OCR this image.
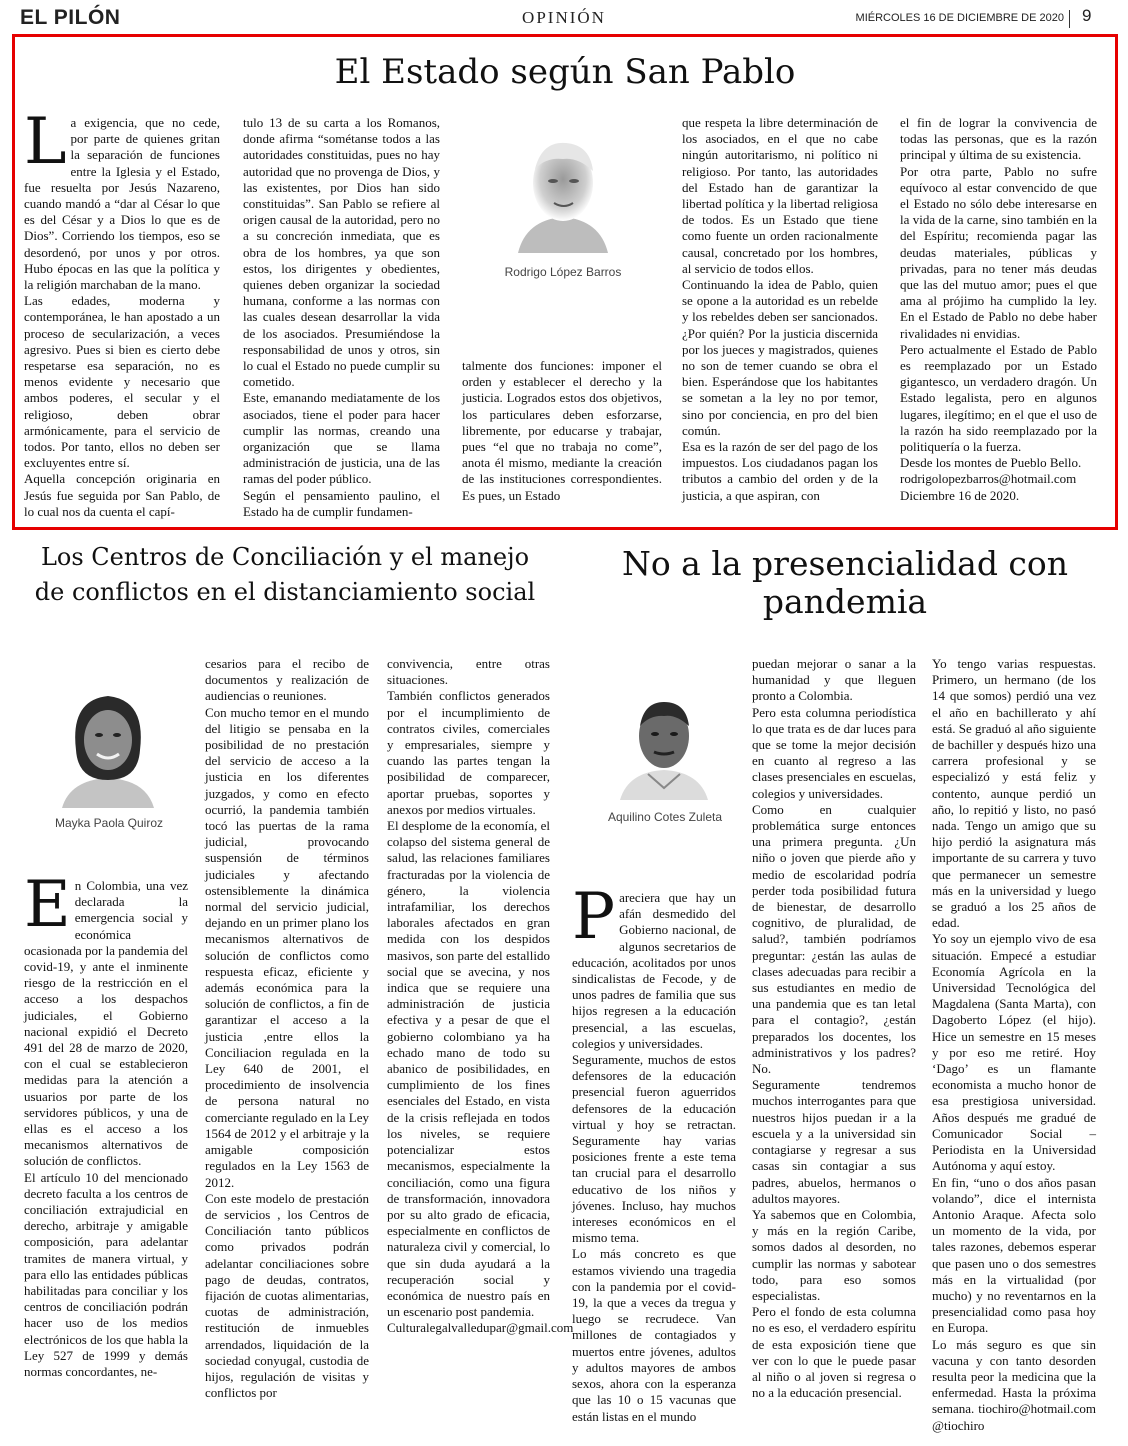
EL PILÓN	OPINIÓN	MIÉRCOLES 16 DE DICIEMBRE DE 2020 9
El Estado según San Pablo
L a exigencia, que no cede, por parte de quienes gritan la separación de funciones entre la Iglesia y el Estado, fue resuelta por Jesús Nazareno, cuando mandó a “dar al César lo que es del César y a Dios lo que es de Dios”. Corriendo los tiempos, eso se desordenó, por unos y por otros. Hubo épocas en las que la política y la religión marchaban de la mano.

Las edades, moderna y contemporánea, le han apostado a un proceso de secularización, a veces agresivo. Pues si bien es cierto debe respetarse esa separación, no es menos evidente y necesario que ambos poderes, el secular y el religioso, deben obrar armónicamente, para el servicio de todos. Por tanto, ellos no deben ser excluyentes entre sí.

Aquella concepción originaria en Jesús fue seguida por San Pablo, de lo cual nos da cuenta el capí-

tulo 13 de su carta a los Romanos, donde afirma “sométanse todos a las autoridades constituidas, pues no hay autoridad que no provenga de Dios, y las existentes, por Dios han sido constituidas”. San Pablo se refiere al origen causal de la autoridad, pero no a su concreción inmediata, que es obra de los hombres, ya que son estos, los dirigentes y obedientes, quienes deben organizar la sociedad humana, conforme a las normas con las cuales desean desarrollar la vida de los asociados. Presumiéndose la responsabilidad de unos y otros, sin lo cual el Estado no puede cumplir su cometido.

Este, emanando mediatamente de los asociados, tiene el poder para hacer cumplir las normas, creando una organización que se llama administración de justicia, una de las ramas del poder público.

Según el pensamiento paulino, el Estado ha de cumplir fundamen-

Rodrigo López Barros

talmente dos funciones: imponer el orden y establecer el derecho y la justicia. Logrados estos dos objetivos, los particulares deben esforzarse, libremente, por educarse y trabajar, pues “el que no trabaja no come”, anota él mismo, mediante la creación de las instituciones correspondientes. Es pues, un Estado

que respeta la libre determinación de los asociados, en el que no cabe ningún autoritarismo, ni político ni religioso. Por tanto, las autoridades del Estado han de garantizar la libertad política y la libertad religiosa de todos. Es un Estado que tiene como fuente un orden racionalmente causal, concretado por los hombres, al servicio de todos ellos.

Continuando la idea de Pablo, quien se opone a la autoridad es un rebelde y los rebeldes deben ser sancionados. ¿Por quién? Por la justicia discernida por los jueces y magistrados, quienes no son de temer cuando se obra el bien. Esperándose que los habitantes se sometan a la ley no por temor, sino por conciencia, en pro del bien común.

Esa es la razón de ser del pago de los impuestos. Los ciudadanos pagan los tributos a cambio del orden y de la justicia, a que aspiran, con

el fin de lograr la convivencia de todas las personas, que es la razón principal y última de su existencia.

Por otra parte, Pablo no sufre equívoco al estar convencido de que el Estado no sólo debe interesarse en la vida de la carne, sino también en la del Espíritu; recomienda pagar las deudas materiales, públicas y privadas, para no tener más deudas que las del mutuo amor; pues el que ama al prójimo ha cumplido la ley. En el Estado de Pablo no debe haber rivalidades ni envidias.

Pero actualmente el Estado de Pablo es reemplazado por un Estado gigantesco, un verdadero dragón. Un Estado legalista, pero en algunos lugares, ilegítimo; en el que el uso de la razón ha sido reemplazado por la politiquería o la fuerza.

Desde los montes de Pueblo Bello.

rodrigolopezbarros@hotmail.com

Diciembre 16 de 2020.

Los Centros de Conciliación y el manejo
de conflictos en el distanciamiento social
Mayka Paola Quiroz
E n Colombia, una vez declarada la emergencia social y económica ocasionada por la pandemia del covid-19, y ante el inminente riesgo de la restricción en el acceso a los despachos judiciales, el Gobierno nacional expidió el Decreto 491 del 28 de marzo de 2020, con el cual se establecieron medidas para la atención a usuarios por parte de los servidores públicos, y una de ellas es el acceso a los mecanismos alternativos de solución de conflictos.

El artículo 10 del mencionado decreto faculta a los centros de conciliación extrajudicial en derecho, arbitraje y amigable composición, para adelantar tramites de manera virtual, y para ello las entidades públicas habilitadas para conciliar y los centros de conciliación podrán hacer uso de los medios electrónicos de los que habla la Ley 527 de 1999 y demás normas concordantes, ne-

cesarios para el recibo de documentos y realización de audiencias o reuniones.

Con mucho temor en el mundo del litigio se pensaba en la posibilidad de no prestación del servicio de acceso a la justicia en los diferentes juzgados, y como en efecto ocurrió, la pandemia también tocó las puertas de la rama judicial, provocando suspensión de términos judiciales y afectando ostensiblemente la dinámica normal del servicio judicial, dejando en un primer plano los mecanismos alternativos de solución de conflictos como respuesta eficaz, eficiente y además económica para la solución de conflictos, a fin de garantizar el acceso a la justicia ,entre ellos la Conciliacion regulada en la Ley 640 de 2001, el procedimiento de insolvencia de persona natural no comerciante regulado en la Ley 1564 de 2012 y el arbitraje y la amigable composición regulados en la Ley 1563 de 2012.

Con este modelo de prestación de servicios , los Centros de Conciliación tanto públicos como privados podrán adelantar conciliaciones sobre pago de deudas, contratos, fijación de cuotas alimentarias, cuotas de administración, restitución de inmuebles arrendados, liquidación de la sociedad conyugal, custodia de hijos, regulación de visitas y conflictos por

convivencia, entre otras situaciones.

También conflictos generados por el incumplimiento de contratos civiles, comerciales y empresariales, siempre y cuando las partes tengan la posibilidad de comparecer, aportar pruebas, soportes y anexos por medios virtuales.

El desplome de la economía, el colapso del sistema general de salud, las relaciones familiares fracturadas por la violencia de género, la violencia intrafamiliar, los derechos laborales afectados en gran medida con los despidos masivos, son parte del estallido social que se avecina, y nos indica que se requiere una administración de justicia efectiva y a pesar de que el gobierno colombiano ya ha echado mano de todo su abanico de posibilidades, en cumplimiento de los fines esenciales del Estado, en vista de la crisis reflejada en todos los niveles, se requiere potencializar estos mecanismos, especialmente la conciliación, como una figura de transformación, innovadora por su alto grado de eficacia, especialmente en conflictos de naturaleza civil y comercial, lo que sin duda ayudará a la recuperación social y económica de nuestro país en un escenario post pandemia.

Culturalegalvalledupar@gmail.com

No a la presencialidad con
pandemia
Aquilino Cotes Zuleta
P areciera que hay un afán desmedido del Gobierno nacional, de algunos secretarios de educación, acolitados por unos sindicalistas de Fecode, y de unos padres de familia que sus hijos regresen a la educación presencial, a las escuelas, colegios y universidades.

Seguramente, muchos de estos defensores de la educación presencial fueron aguerridos defensores de la educación virtual y hoy se retractan. Seguramente hay varias posiciones frente a este tema tan crucial para el desarrollo educativo de los niños y jóvenes. Incluso, hay muchos intereses económicos en el mismo tema.

Lo más concreto es que estamos viviendo una tragedia con la pandemia por el covid-19, la que a veces da tregua y luego se recrudece. Van millones de contagiados y muertos entre jóvenes, adultos y adultos mayores de ambos sexos, ahora con la esperanza que las 10 o 15 vacunas que están listas en el mundo

puedan mejorar o sanar a la humanidad y que lleguen pronto a Colombia.

Pero esta columna periodística lo que trata es de dar luces para que se tome la mejor decisión en cuanto al regreso a las clases presenciales en escuelas, colegios y universidades.

Como en cualquier problemática surge entonces una primera pregunta. ¿Un niño o joven que pierde año y medio de escolaridad podría perder toda posibilidad futura de bienestar, de desarrollo cognitivo, de pluralidad, de salud?, también podríamos preguntar: ¿están las aulas de clases adecuadas para recibir a sus estudiantes en medio de una pandemia que es tan letal para el contagio?, ¿están preparados los docentes, los administrativos y los padres? No.

Seguramente tendremos muchos interrogantes para que nuestros hijos puedan ir a la escuela y a la universidad sin contagiarse y regresar a sus casas sin contagiar a sus padres, abuelos, hermanos o adultos mayores.

Ya sabemos que en Colombia, y más en la región Caribe, somos dados al desorden, no cumplir las normas y sabotear todo, para eso somos especialistas.

Pero el fondo de esta columna no es eso, el verdadero espíritu de esta exposición tiene que ver con lo que le puede pasar al niño o al joven si regresa o no a la educación presencial.

Yo tengo varias respuestas. Primero, un hermano (de los 14 que somos) perdió una vez el año en bachillerato y ahí está. Se graduó al año siguiente de bachiller y después hizo una carrera profesional y se especializó y está feliz y contento, aunque perdió un año, lo repitió y listo, no pasó nada. Tengo un amigo que su hijo perdió la asignatura más importante de su carrera y tuvo que permanecer un semestre más en la universidad y luego se graduó a los 25 años de edad.

Yo soy un ejemplo vivo de esa situación. Empecé a estudiar Economía Agrícola en la Universidad Tecnológica del Magdalena (Santa Marta), con Dagoberto López (el hijo). Hice un semestre en 15 meses y por eso me retiré. Hoy ‘Dago’ es un flamante economista a mucho honor de esa prestigiosa universidad. Años después me gradué de Comunicador Social – Periodista en la Universidad Autónoma y aquí estoy.

En fin, “uno o dos años pasan volando”, dice el internista Antonio Araque. Afecta solo un momento de la vida, por tales razones, debemos esperar que pasen uno o dos semestres más en la virtualidad (por mucho) y no reventarnos en la presencialidad como pasa hoy en Europa.

Lo más seguro es que sin vacuna y con tanto desorden resulta peor la medicina que la enfermedad. Hasta la próxima semana. tiochiro@hotmail.com @tiochiro
